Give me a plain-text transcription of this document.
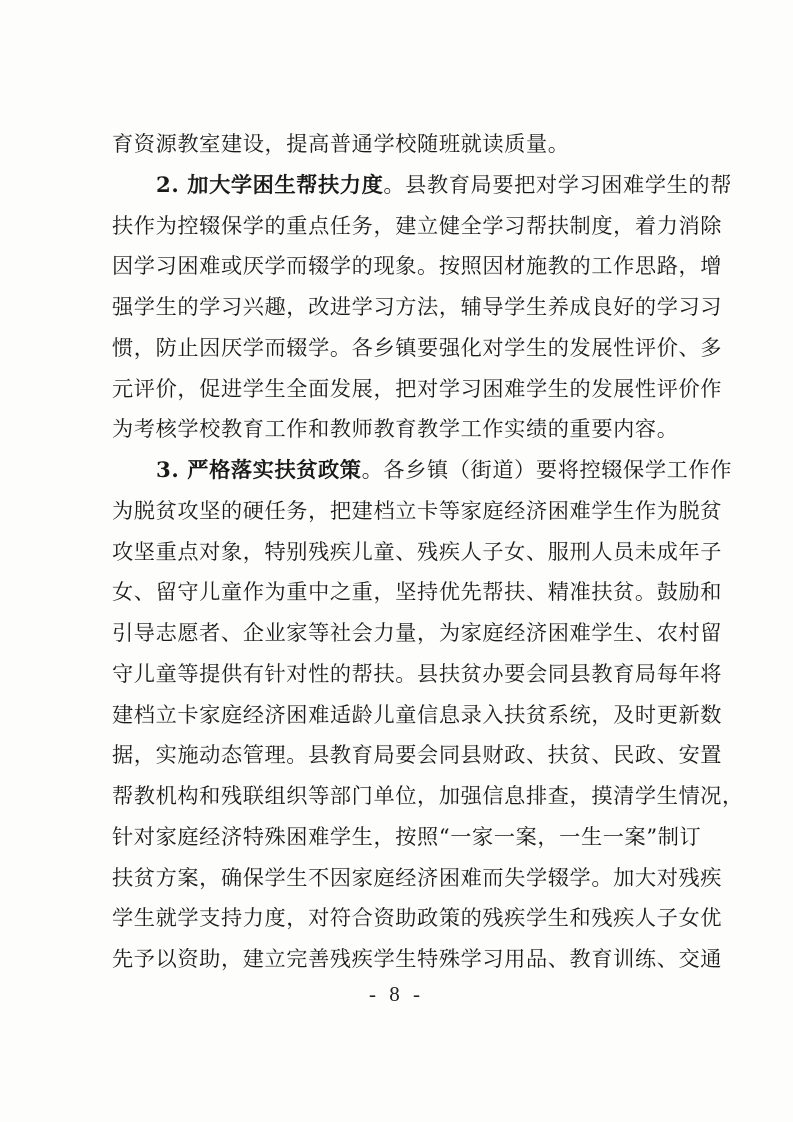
育资源教室建设，提高普通学校随班就读质量。
2. 加大学困生帮扶力度。县教育局要把对学习困难学生的帮
扶作为控辍保学的重点任务，建立健全学习帮扶制度，着力消除
因学习困难或厌学而辍学的现象。按照因材施教的工作思路，增
强学生的学习兴趣，改进学习方法，辅导学生养成良好的学习习
惯，防止因厌学而辍学。各乡镇要强化对学生的发展性评价、多
元评价，促进学生全面发展，把对学习困难学生的发展性评价作
为考核学校教育工作和教师教育教学工作实绩的重要内容。
3. 严格落实扶贫政策。各乡镇（街道）要将控辍保学工作作
为脱贫攻坚的硬任务，把建档立卡等家庭经济困难学生作为脱贫
攻坚重点对象，特别残疾儿童、残疾人子女、服刑人员未成年子
女、留守儿童作为重中之重，坚持优先帮扶、精准扶贫。鼓励和
引导志愿者、企业家等社会力量，为家庭经济困难学生、农村留
守儿童等提供有针对性的帮扶。县扶贫办要会同县教育局每年将
建档立卡家庭经济困难适龄儿童信息录入扶贫系统，及时更新数
据，实施动态管理。县教育局要会同县财政、扶贫、民政、安置
帮教机构和残联组织等部门单位，加强信息排查，摸清学生情况，
针对家庭经济特殊困难学生，按照“一家一案，一生一案”制订
扶贫方案，确保学生不因家庭经济困难而失学辍学。加大对残疾
学生就学支持力度，对符合资助政策的残疾学生和残疾人子女优
先予以资助，建立完善残疾学生特殊学习用品、教育训练、交通
- 8 -
